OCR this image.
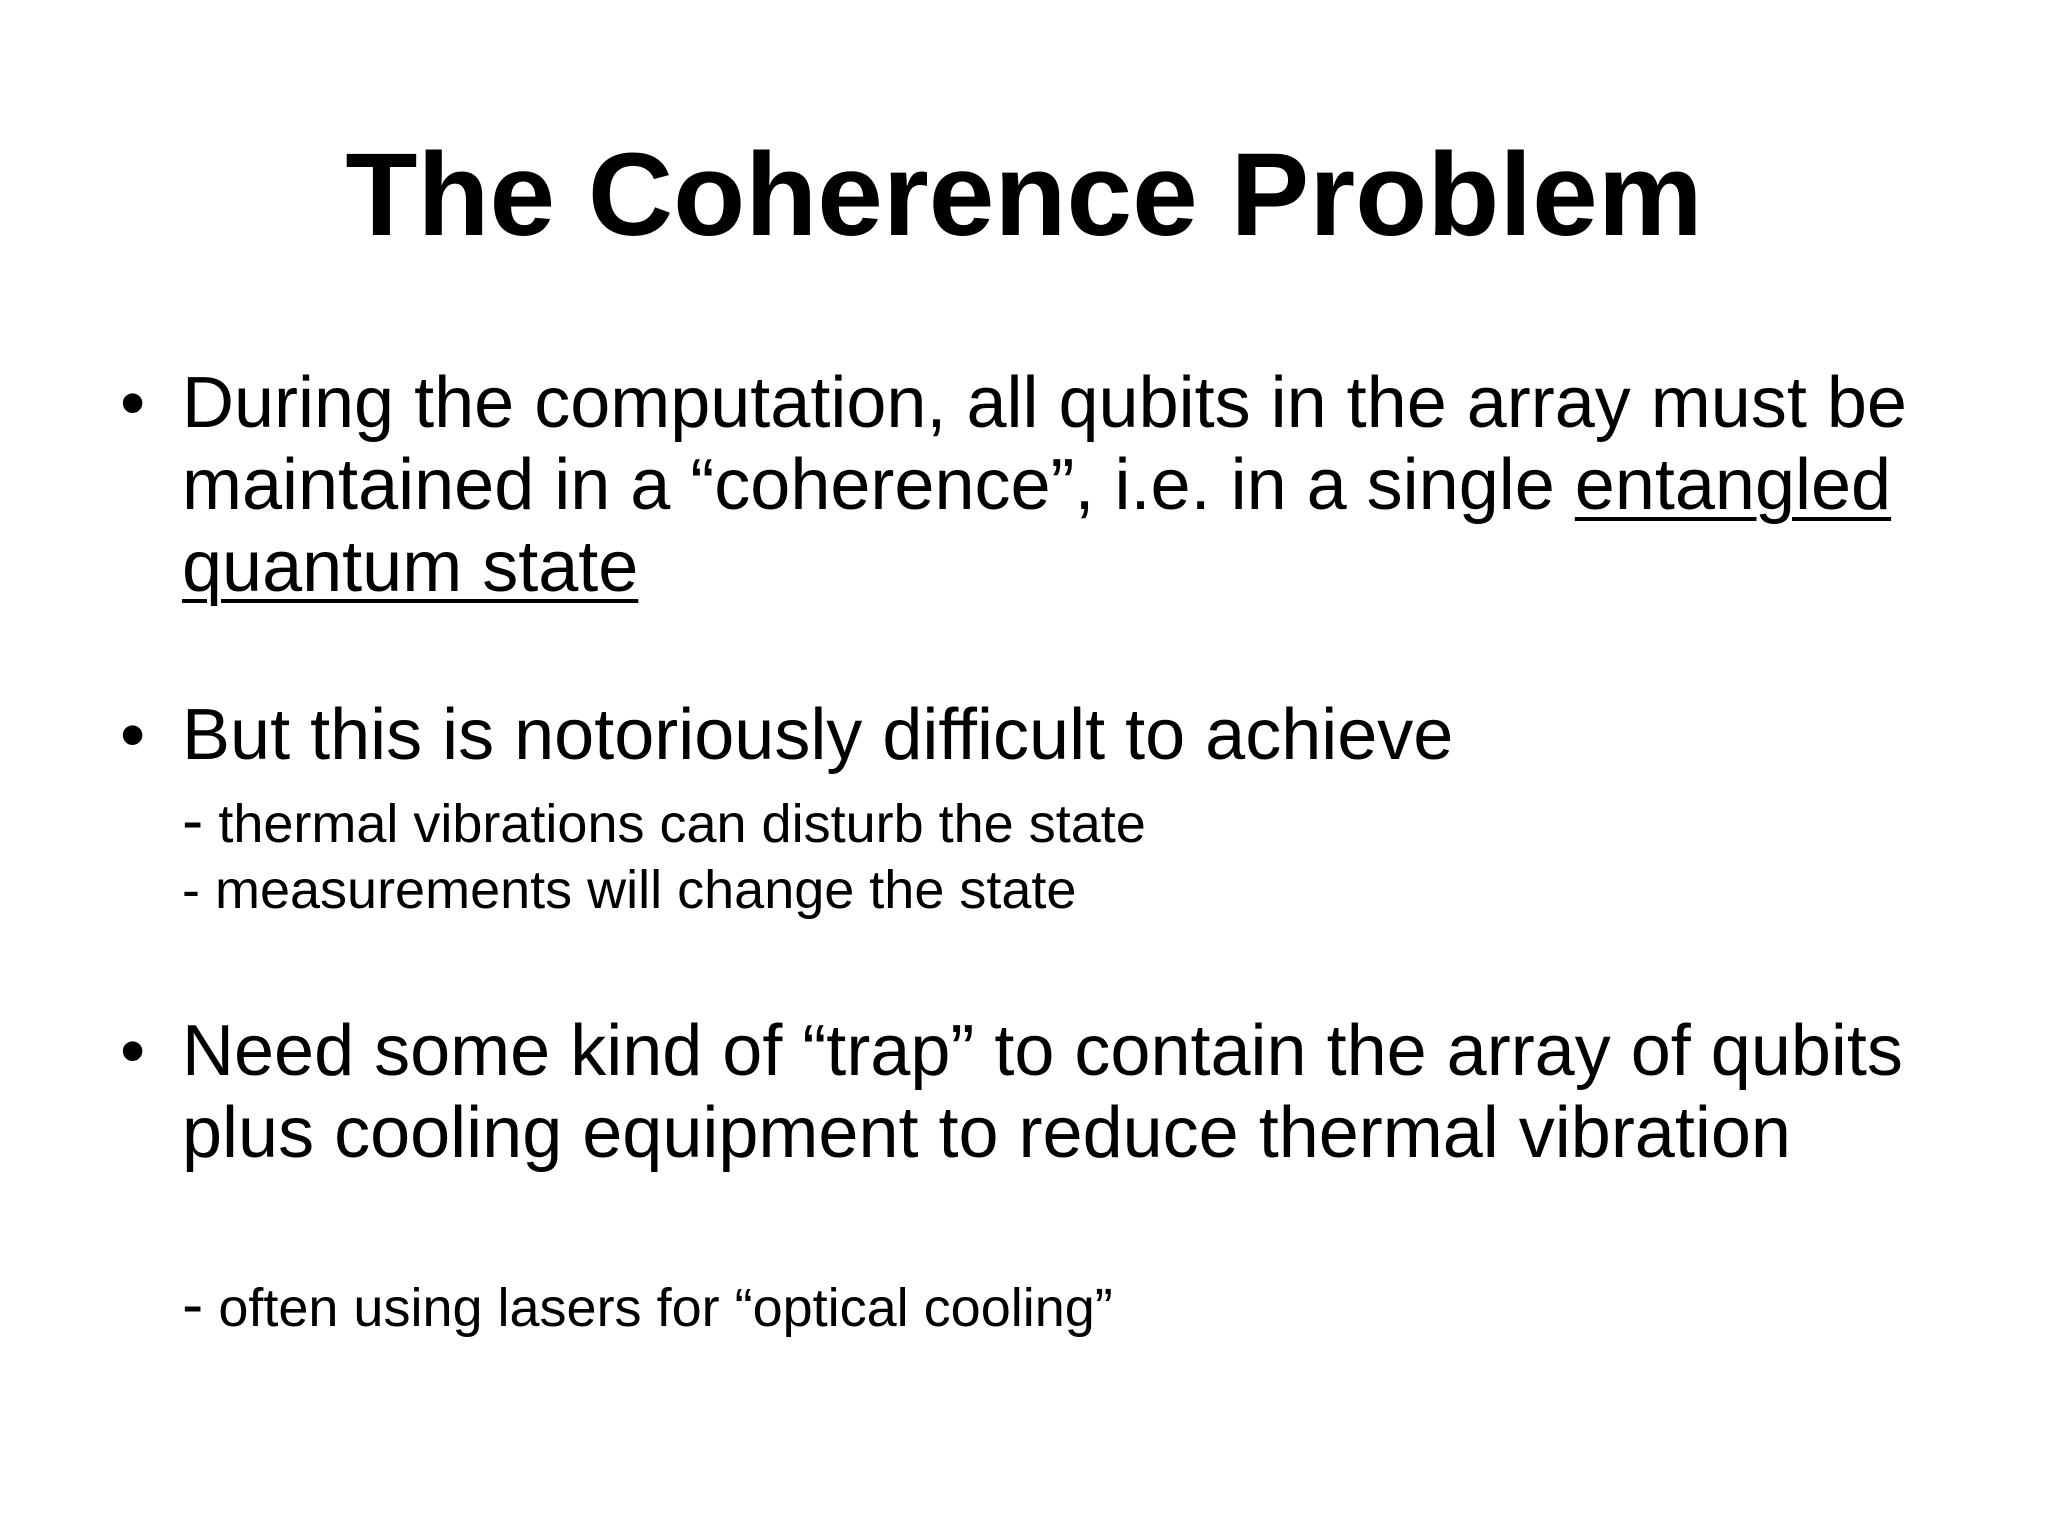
The Coherence Problem
• During the computation, all qubits in the array must be maintained in a “coherence”, i.e. in a single entangled quantum state
• But this is notoriously difficult to achieve
- thermal vibrations can disturb the state
- measurements will change the state
• Need some kind of “trap” to contain the array of qubits plus cooling equipment to reduce thermal vibration
- often using lasers for “optical cooling”
